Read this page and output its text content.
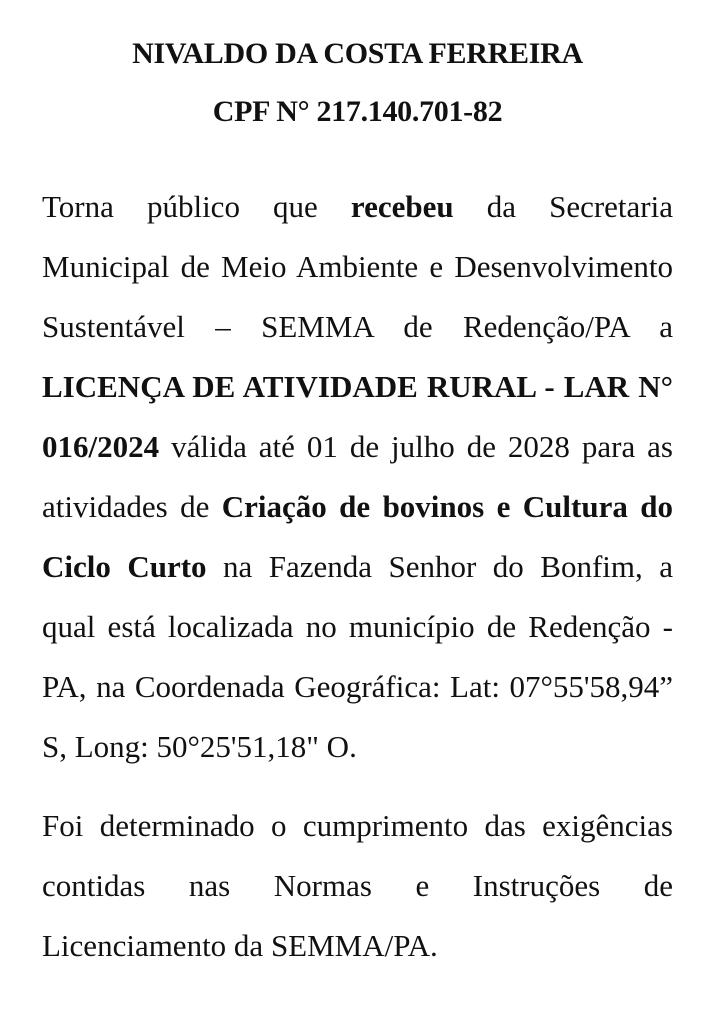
NIVALDO DA COSTA FERREIRA

CPF N° 217.140.701-82

Torna público que recebeu da Secretaria Municipal de Meio Ambiente e Desenvolvimento Sustentável – SEMMA de Redenção/PA a LICENÇA DE ATIVIDADE RURAL - LAR N° 016/2024 válida até 01 de julho de 2028 para as atividades de Criação de bovinos e Cultura do Ciclo Curto na Fazenda Senhor do Bonfim, a qual está localizada no município de Redenção - PA, na Coordenada Geográfica: Lat: 07°55'58,94” S, Long: 50°25'51,18" O.

Foi determinado o cumprimento das exigências contidas nas Normas e Instruções de Licenciamento da SEMMA/PA.
